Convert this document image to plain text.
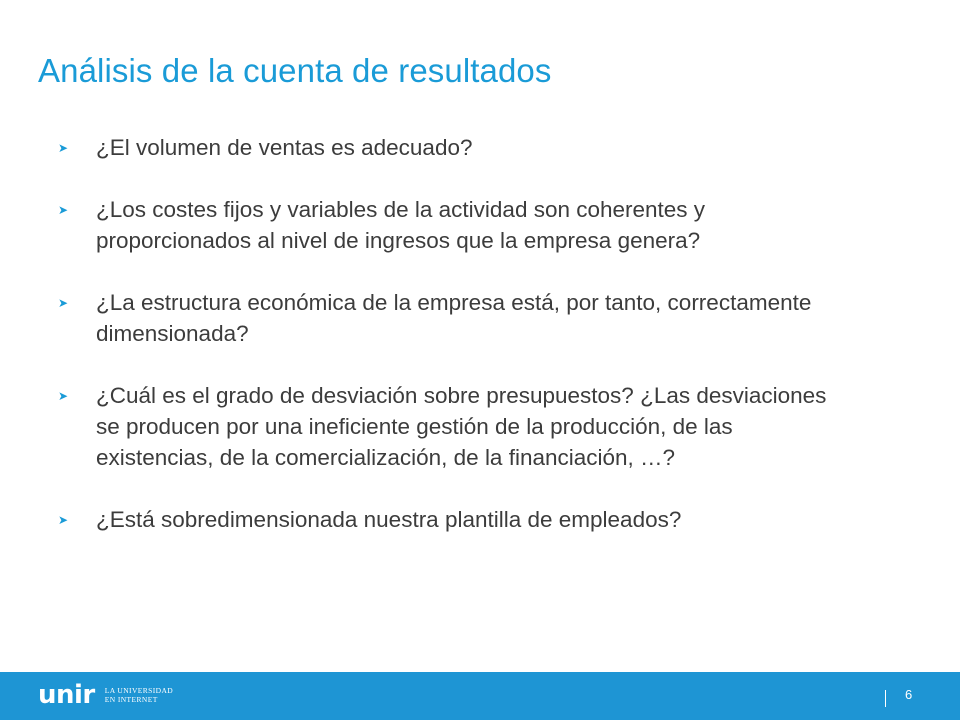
Análisis de la cuenta de resultados
➤	¿El volumen de ventas es adecuado?
➤	¿Los costes fijos y variables de la actividad son coherentes y proporcionados al nivel de ingresos que la empresa genera?
➤	¿La estructura económica de la empresa está, por tanto, correctamente dimensionada?
➤	¿Cuál es el grado de desviación sobre presupuestos? ¿Las desviaciones se producen por una ineficiente gestión de la producción, de las existencias, de la comercialización, de la financiación, …?
➤	¿Está sobredimensionada nuestra plantilla de empleados?
unir LA UNIVERSIDAD
EN INTERNET	6
